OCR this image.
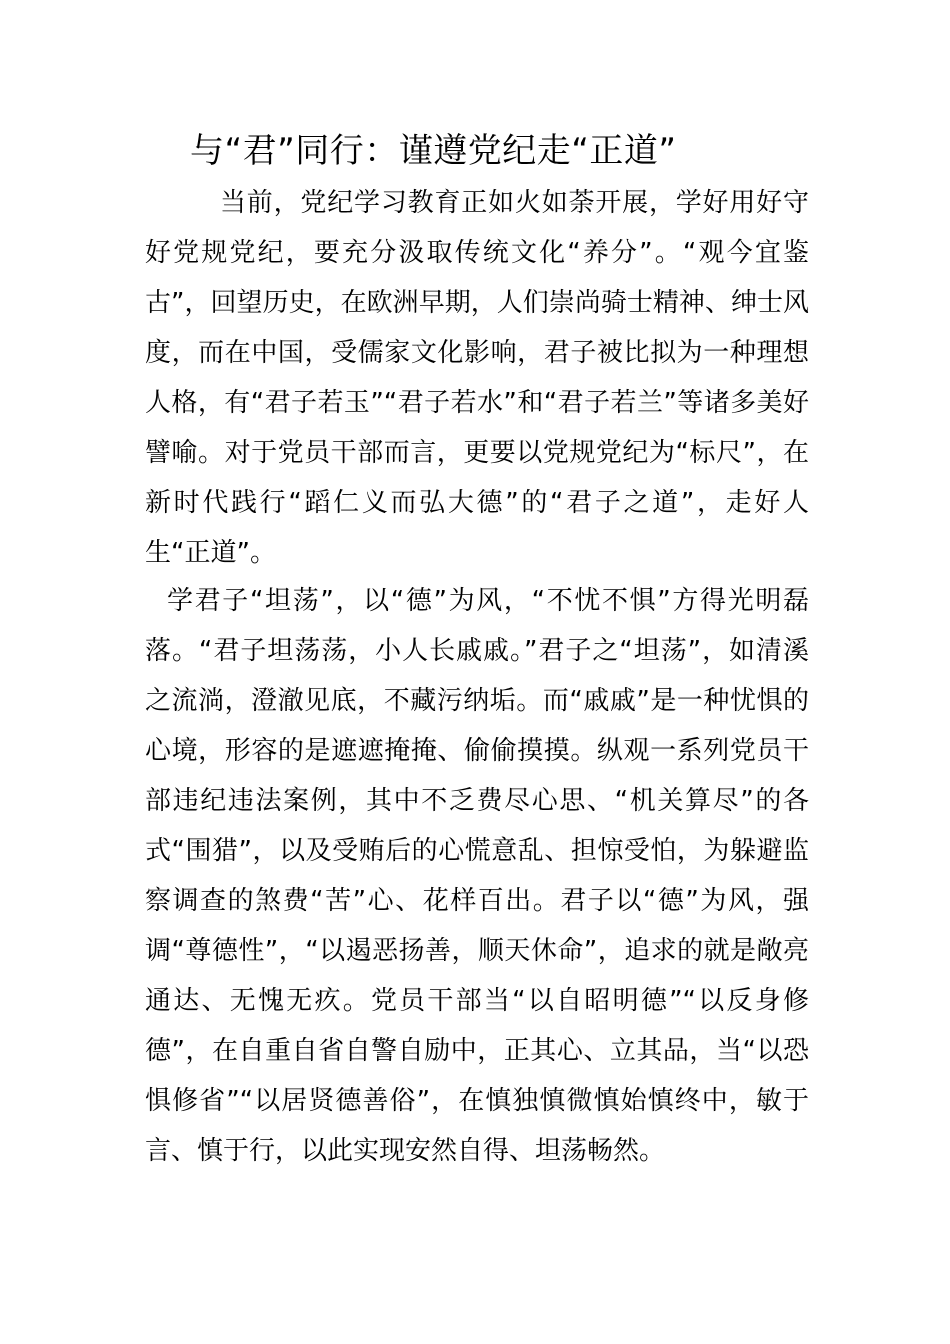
与“君”同行：谨遵党纪走“正道”

当前，党纪学习教育正如火如荼开展，学好用好守好党规党纪，要充分汲取传统文化“养分”。“观今宜鉴古”，回望历史，在欧洲早期，人们崇尚骑士精神、绅士风度，而在中国，受儒家文化影响，君子被比拟为一种理想人格，有“君子若玉”“君子若水”和“君子若兰”等诸多美好譬喻。对于党员干部而言，更要以党规党纪为“标尺”，在新时代践行“蹈仁义而弘大德”的“君子之道”，走好人生“正道”。

学君子“坦荡”，以“德”为风，“不忧不惧”方得光明磊落。“君子坦荡荡，小人长戚戚。”君子之“坦荡”，如清溪之流淌，澄澈见底，不藏污纳垢。而“戚戚”是一种忧惧的心境，形容的是遮遮掩掩、偷偷摸摸。纵观一系列党员干部违纪违法案例，其中不乏费尽心思、“机关算尽”的各式“围猎”，以及受贿后的心慌意乱、担惊受怕，为躲避监察调查的煞费“苦”心、花样百出。君子以“德”为风，强调“尊德性”，“以遏恶扬善，顺天休命”，追求的就是敞亮通达、无愧无疚。党员干部当“以自昭明德”“以反身修德”，在自重自省自警自励中，正其心、立其品，当“以恐惧修省”“以居贤德善俗”，在慎独慎微慎始慎终中，敏于言、慎于行，以此实现安然自得、坦荡畅然。
